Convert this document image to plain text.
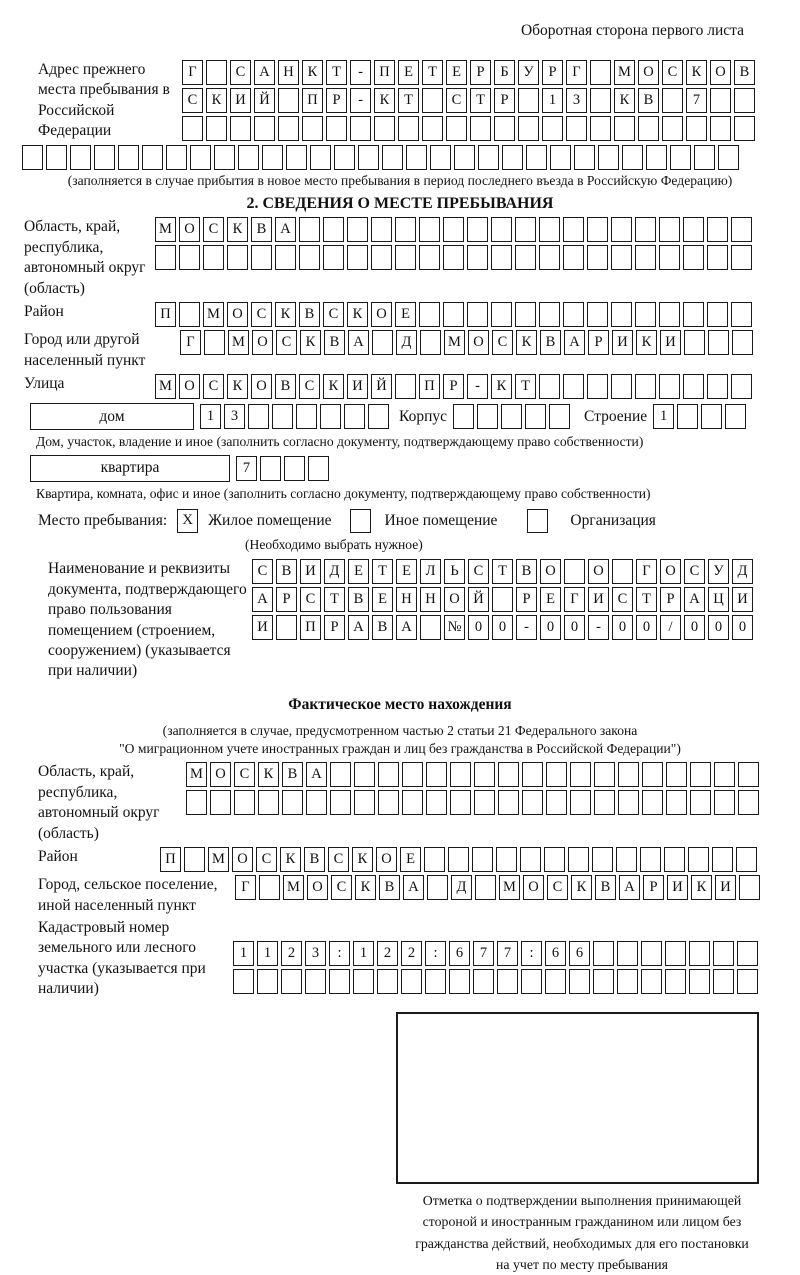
Оборотная сторона первого листа
Адрес прежнего места пребывания в Российской Федерации
Г	С А Н К	Т	-	П Е	Т	Е	Р	Б	У	Р	Г	М О С К О В
С К И Й	П	Р	-	К	Т	С	Т	Р	1	3	К В	7
(заполняется в случае прибытия в новое место пребывания в период последнего въезда в Российскую Федерацию)
2. СВЕДЕНИЯ О МЕСТЕ ПРЕБЫВАНИЯ
Область, край, республика, автономный округ (область)
М О С К В А
Район	П	М О С К В С К О Е
Город или другой населенный пункт
Г	М О С К В А	Д	М О С К В А	Р	И К И
Улица	М О С К О В С К И Й	П	Р	-	К	Т
дом	1	3	Корпус	Строение 1
Дом, участок, владение и иное (заполнить согласно документу, подтверждающему право собственности)
квартира	7
Квартира, комната, офис и иное (заполнить согласно документу, подтверждающему право собственности)
Место пребывания:	X Жилое помещение	Иное помещение	Организация
(Необходимо выбрать нужное)
Наименование и реквизиты документа, подтверждающего право пользования помещением (строением, сооружением) (указывается при наличии)
С В И Д	Е	Т	Е	Л	Ь	С	Т	В О	О	Г	О С У Д
А	Р	С	Т	В	Е Н Н О Й	Р	Е	Г	И С	Т	Р	А Ц И
И	П	Р	А В А	№ 0	0	-	0	0	-	0	0	/	0	0	0
Фактическое место нахождения
(заполняется в случае, предусмотренном частью 2 статьи 21 Федерального закона
"О миграционном учете иностранных граждан и лиц без гражданства в Российской Федерации")
Область, край, республика, автономный округ (область)
М О С К В А
Район	П	М О С К В С К О Е
Город, сельское поселение, иной населенный пункт
Г	М О С К В А	Д	М О С К В А	Р	И К И
Кадастровый номер земельного или лесного участка (указывается при наличии)
1	1	2	3	:	1	2	2	:	6	7	7	:	6	6
Отметка о подтверждении выполнения принимающей
стороной и иностранным гражданином или лицом без
гражданства действий, необходимых для его постановки
на учет по месту пребывания
